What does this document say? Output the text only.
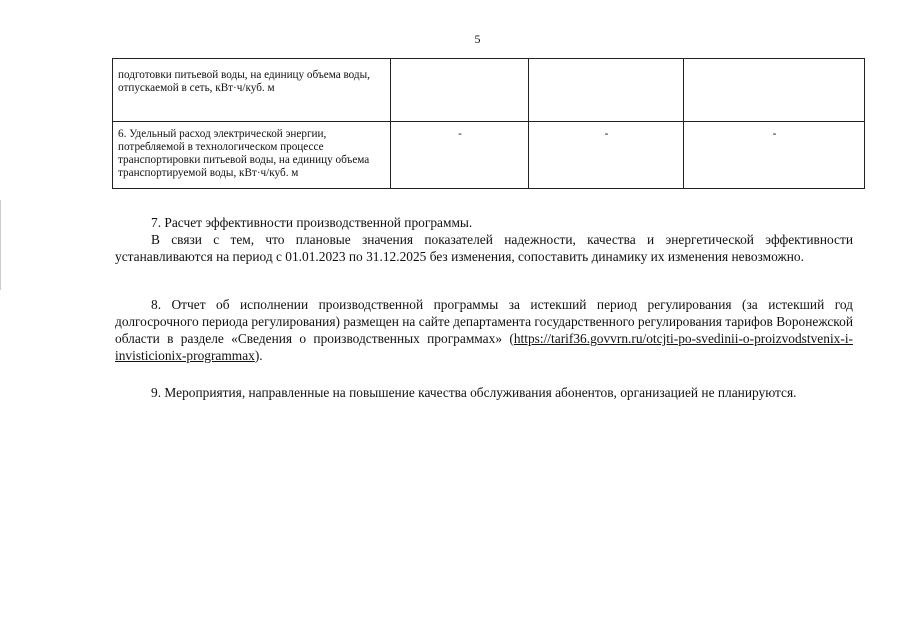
5
подготовки питьевой воды, на единицу объема воды, отпускаемой в сеть, кВт·ч/куб. м			
6. Удельный расход электрической энергии, потребляемой в технологическом процессе транспортировки питьевой воды, на единицу объема транспортируемой воды, кВт·ч/куб. м	-	-	-

7. Расчет эффективности производственной программы.

В связи с тем, что плановые значения показателей надежности, качества и энергетической эффективности устанавливаются на период с 01.01.2023 по 31.12.2025 без изменения, сопоставить динамику их изменения невозможно.

8. Отчет об исполнении производственной программы за истекший период регулирования (за истекший год долгосрочного периода регулирования) размещен на сайте департамента государственного регулирования тарифов Воронежской области в разделе «Сведения о производственных программах» (https://tarif36.govvrn.ru/otcjti-po-svedinii-o-proizvodstvenix-i-invisticionix-programmax).

9. Мероприятия, направленные на повышение качества обслуживания абонентов, организацией не планируются.
